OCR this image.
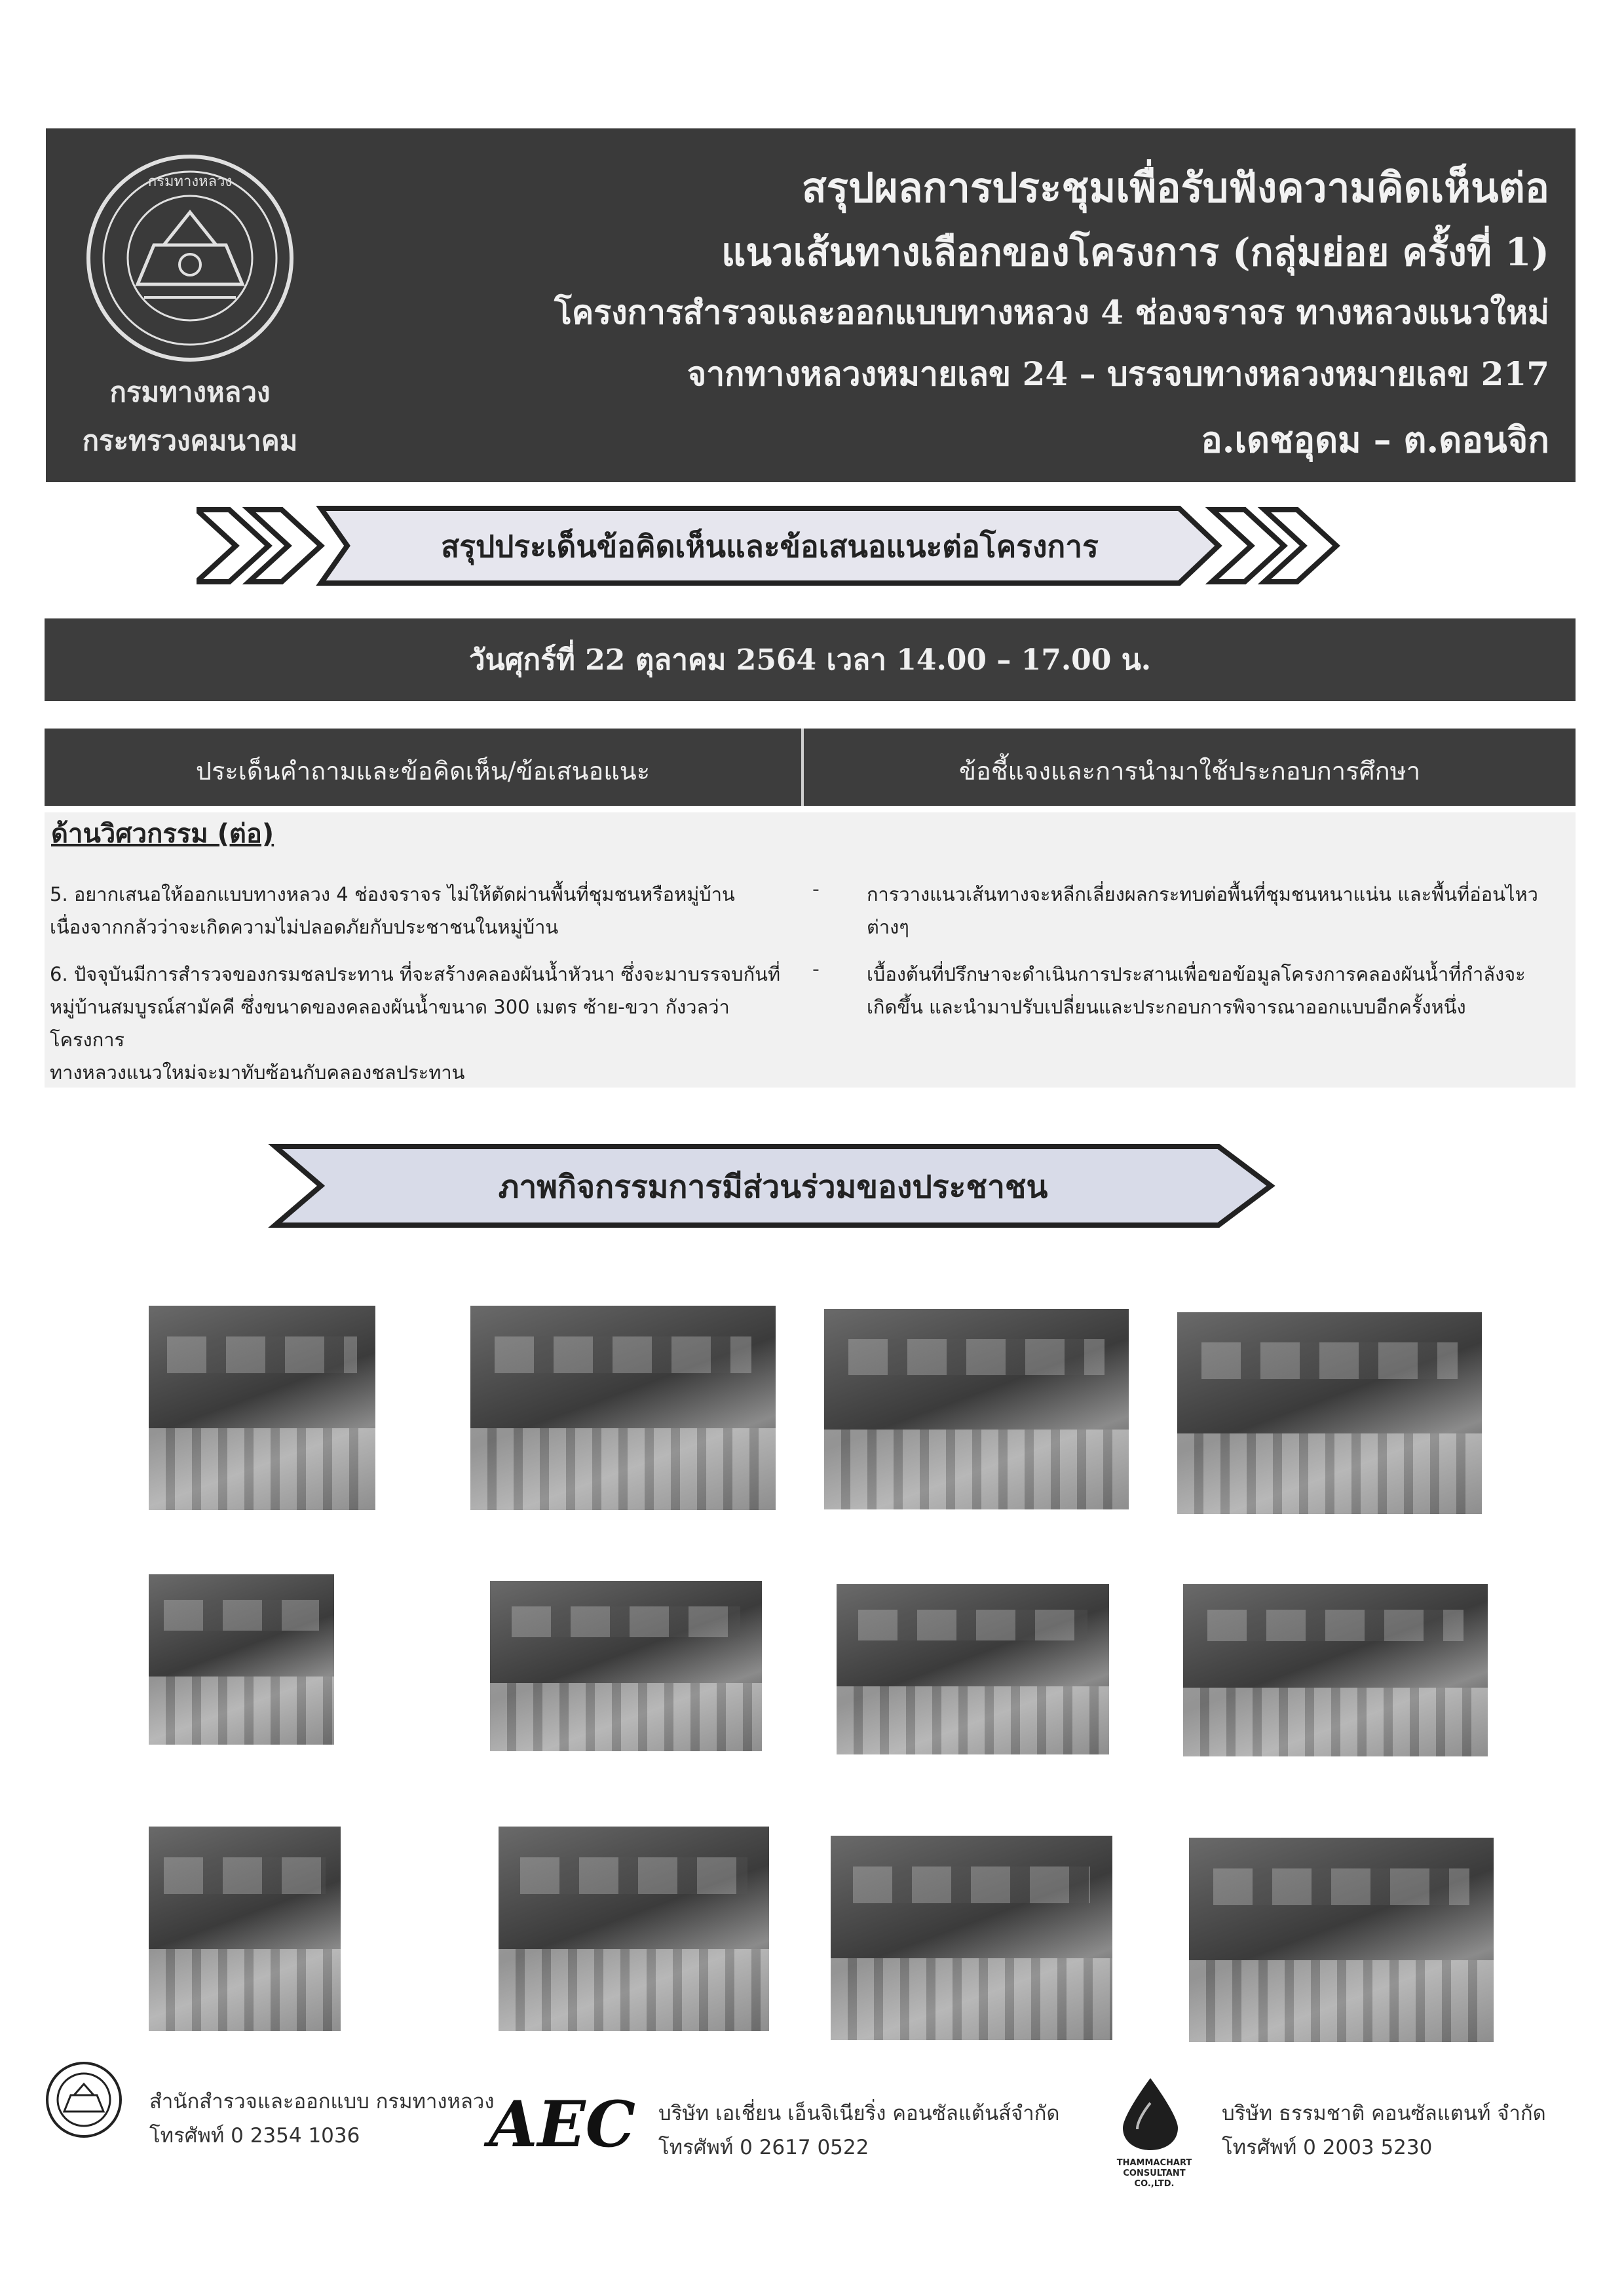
กรมทางหลวง
กรมทางหลวง
กระทรวงคมนาคม
สรุปผลการประชุมเพื่อรับฟังความคิดเห็นต่อ
แนวเส้นทางเลือกของโครงการ (กลุ่มย่อย ครั้งที่ 1)
โครงการสำรวจและออกแบบทางหลวง 4 ช่องจราจร ทางหลวงแนวใหม่
จากทางหลวงหมายเลข 24 – บรรจบทางหลวงหมายเลข 217
อ.เดชอุดม – ต.ดอนจิก
สรุปประเด็นข้อคิดเห็นและข้อเสนอแนะต่อโครงการ
วันศุกร์ที่ 22 ตุลาคม 2564 เวลา 14.00 – 17.00 น.
ประเด็นคำถามและข้อคิดเห็น/ข้อเสนอแนะ	ข้อชี้แจงและการนำมาใช้ประกอบการศึกษา
ด้านวิศวกรรม (ต่อ)
5. อยากเสนอให้ออกแบบทางหลวง 4 ช่องจราจร ไม่ให้ตัดผ่านพื้นที่ชุมชนหรือหมู่บ้าน
เนื่องจากกลัวว่าจะเกิดความไม่ปลอดภัยกับประชาชนในหมู่บ้าน
- การวางแนวเส้นทางจะหลีกเลี่ยงผลกระทบต่อพื้นที่ชุมชนหนาแน่น และพื้นที่อ่อนไหว
ต่างๆ
6. ปัจจุบันมีการสำรวจของกรมชลประทาน ที่จะสร้างคลองผันน้ำหัวนา ซึ่งจะมาบรรจบกันที่
หมู่บ้านสมบูรณ์สามัคคี ซึ่งขนาดของคลองผันน้ำขนาด 300 เมตร ซ้าย-ขวา กังวลว่า โครงการ
ทางหลวงแนวใหม่จะมาทับซ้อนกับคลองชลประทาน
- เบื้องต้นที่ปรึกษาจะดำเนินการประสานเพื่อขอข้อมูลโครงการคลองผันน้ำที่กำลังจะ
เกิดขึ้น และนำมาปรับเปลี่ยนและประกอบการพิจารณาออกแบบอีกครั้งหนึ่ง
ภาพกิจกรรมการมีส่วนร่วมของประชาชน
สำนักสำรวจและออกแบบ กรมทางหลวง
โทรศัพท์ 0 2354 1036	AEC บริษัท เอเชี่ยน เอ็นจิเนียริ่ง คอนซัลแต้นส์จำกัด
โทรศัพท์ 0 2617 0522
THAMMACHART CONSULTANT CO.,LTD.
บริษัท ธรรมชาติ คอนซัลแตนท์ จำกัด
โทรศัพท์ 0 2003 5230
